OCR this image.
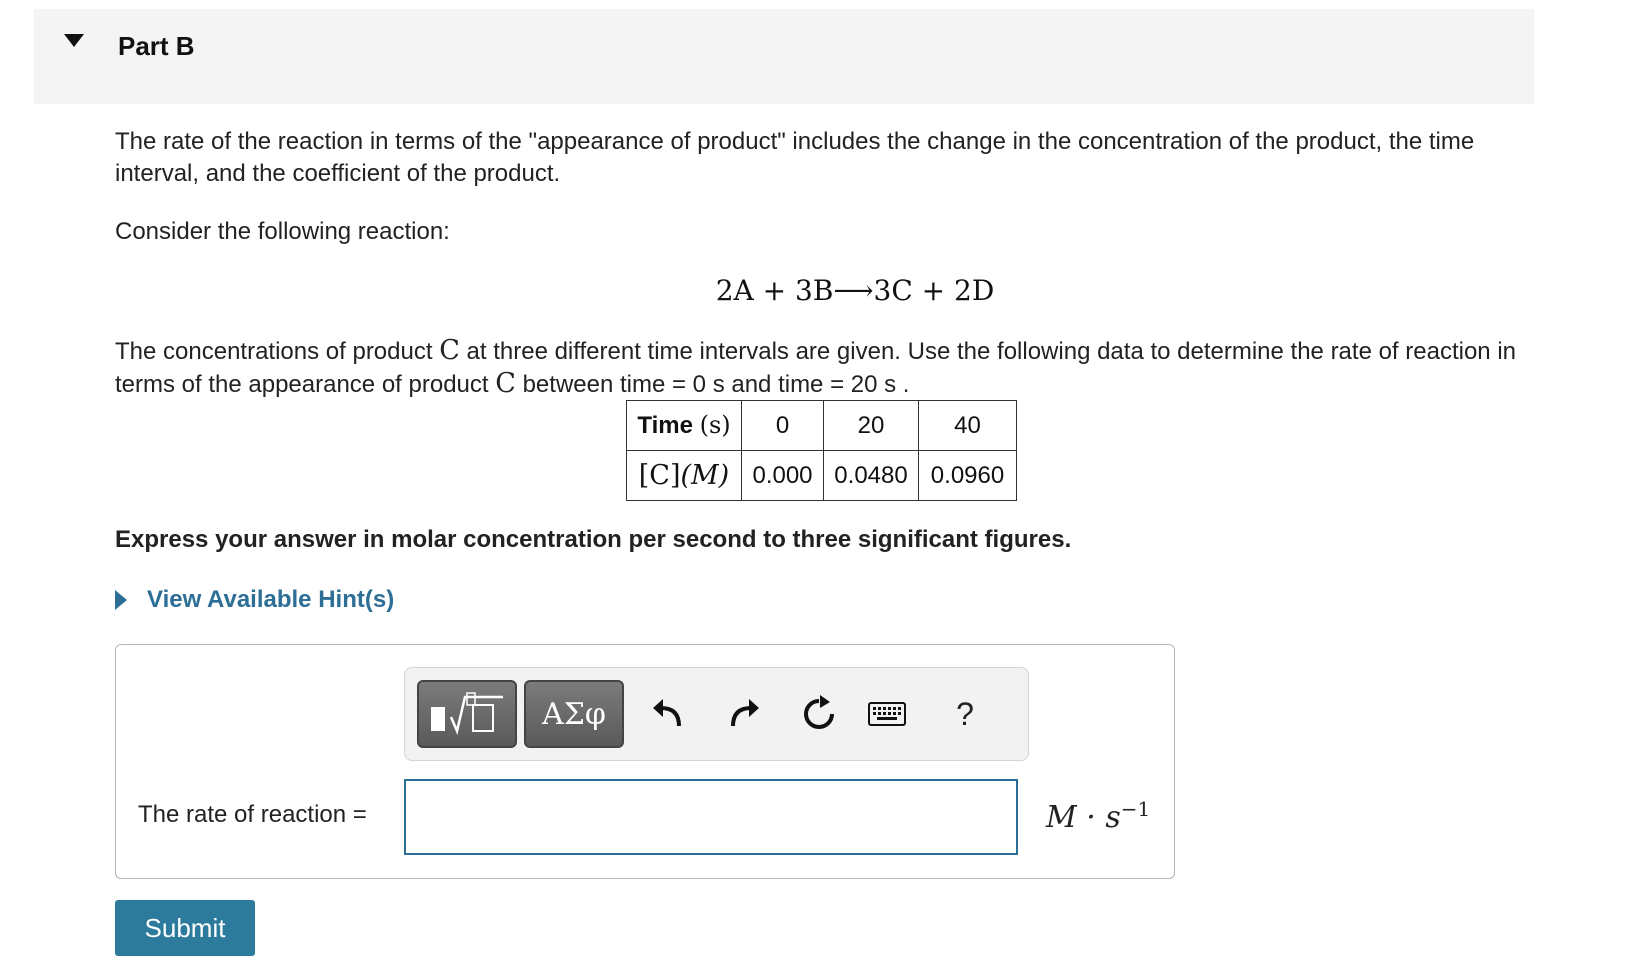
Part B
The rate of the reaction in terms of the "appearance of product" includes the change in the concentration of the product, the time interval, and the coefficient of the product.
Consider the following reaction:
2A + 3B⟶3C + 2D
The concentrations of product C at three different time intervals are given. Use the following data to determine the rate of reaction in terms of the appearance of product C between time = 0 s and time = 20 s .
Time (s)	0	20	40
[C](M)	0.000	0.0480	0.0960
Express your answer in molar concentration per second to three significant figures.
View Available Hint(s)
ΑΣφ	?
The rate of reaction =	$M \cdot s^{-1}$
Submit
